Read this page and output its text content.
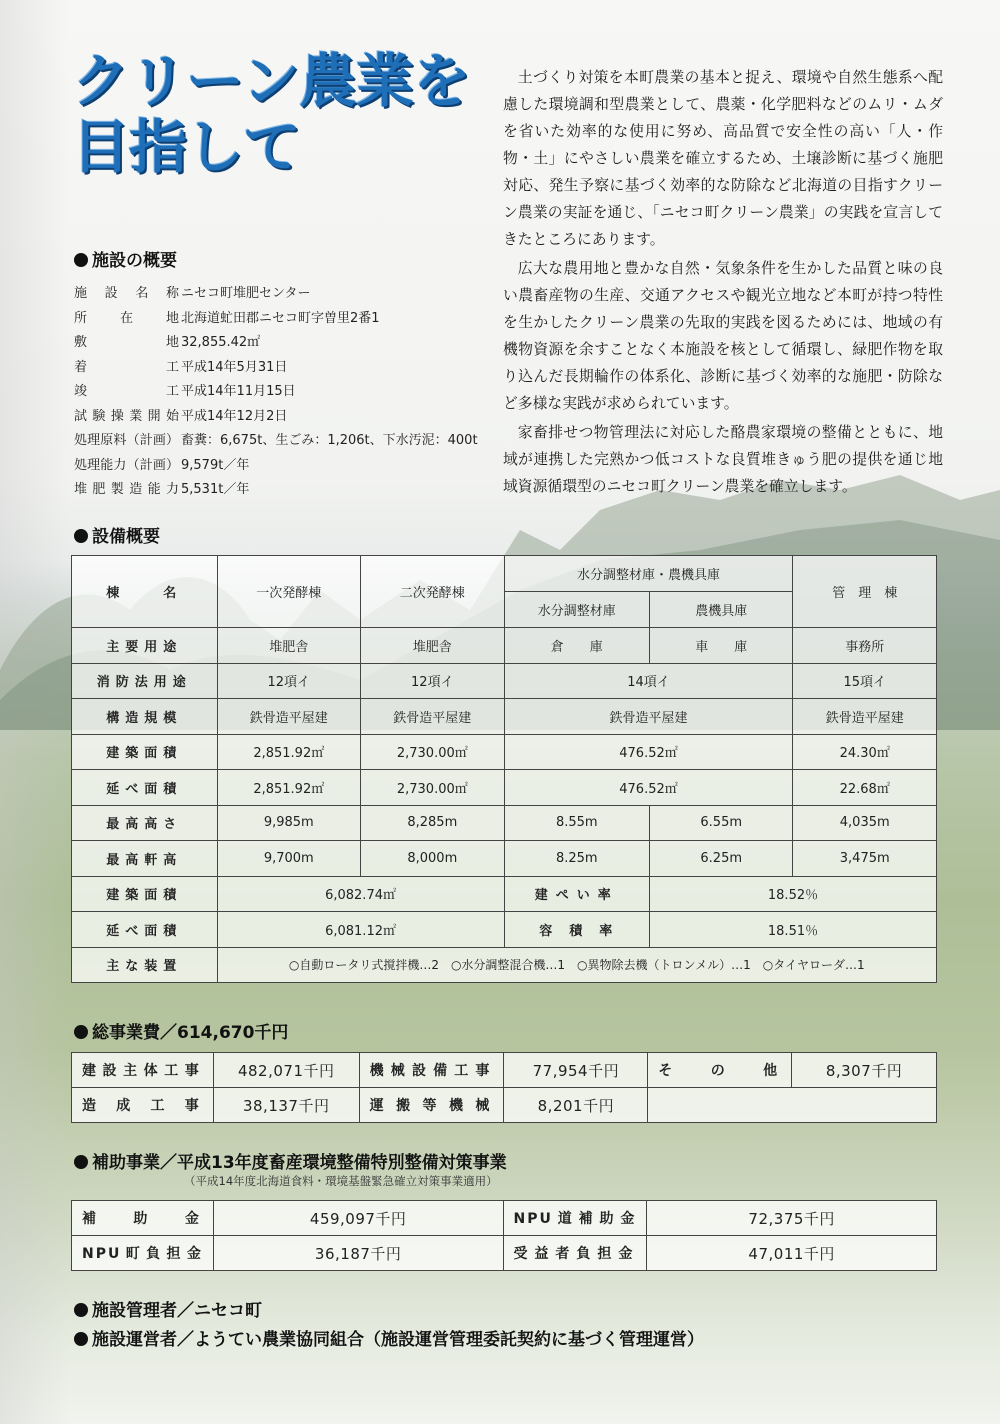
クリーン農業を
目指して

土づくり対策を本町農業の基本と捉え、環境や自然生態系へ配慮した環境調和型農業として、農薬・化学肥料などのムリ・ムダを省いた効率的な使用に努め、高品質で安全性の高い「人・作物・土」にやさしい農業を確立するため、土壌診断に基づく施肥対応、発生予察に基づく効率的な防除など北海道の目指すクリーン農業の実証を通じ、「ニセコ町クリーン農業」の実践を宣言してきたところにあります。

広大な農用地と豊かな自然・気象条件を生かした品質と味の良い農畜産物の生産、交通アクセスや観光立地など本町が持つ特性を生かしたクリーン農業の先取的実践を図るためには、地域の有機物資源を余すことなく本施設を核として循環し、緑肥作物を取り込んだ長期輪作の体系化、診断に基づく効率的な施肥・防除など多様な実践が求められています。

家畜排せつ物管理法に対応した酪農家環境の整備とともに、地域が連携した完熟かつ低コストな良質堆きゅう肥の提供を通じ地域資源循環型のニセコ町クリーン農業を確立します。

施設の概要
施設名称 ニセコ町堆肥センター
所在地 北海道虻田郡ニセコ町字曽里2番1
敷地 32,855.42㎡
着工 平成14年5月31日
竣工 平成14年11月15日
試験操業開始 平成14年12月2日
処理原料（計画） 畜糞：6,675t、生ごみ：1,206t、下水汚泥：400t
処理能力（計画） 9,579t／年
堆肥製造能力 5,531t／年
設備概要
棟　　名	一次発酵棟	二次発酵棟	水分調整材庫・農機具庫		管　理　棟
			水分調整材庫	農機具庫	
主要用途	堆肥舎	堆肥舎	倉　　庫	車　　庫	事務所
消防法用途	12項イ	12項イ	14項イ		15項イ
構造規模	鉄骨造平屋建	鉄骨造平屋建	鉄骨造平屋建		鉄骨造平屋建
建築面積	2,851.92㎡	2,730.00㎡	476.52㎡		24.30㎡
延べ面積	2,851.92㎡	2,730.00㎡	476.52㎡		22.68㎡
最高高さ	9,985m	8,285m	8.55m	6.55m	4,035m
最高軒高	9,700m	8,000m	8.25m	6.25m	3,475m
建築面積	6,082.74㎡		建ぺい率	18.52％	
延べ面積	6,081.12㎡		容　積　率	18.51％	
主な装置	○自動ロータリ式撹拌機…2　○水分調整混合機…1　○異物除去機（トロンメル）…1　○タイヤローダ…1				
総事業費／614,670千円
建設主体工事	482,071千円	機械設備工事	77,954千円	そ　の　他	8,307千円
造成工事	38,137千円	運搬等機械	8,201千円		
補助事業／平成13年度畜産環境整備特別整備対策事業
（平成14年度北海道食料・環境基盤緊急確立対策事業適用）
補助金	459,097千円	NPU道補助金	72,375千円
NPU町負担金	36,187千円	受益者負担金	47,011千円
施設管理者／ニセコ町
施設運営者／ようてい農業協同組合（施設運営管理委託契約に基づく管理運営）
